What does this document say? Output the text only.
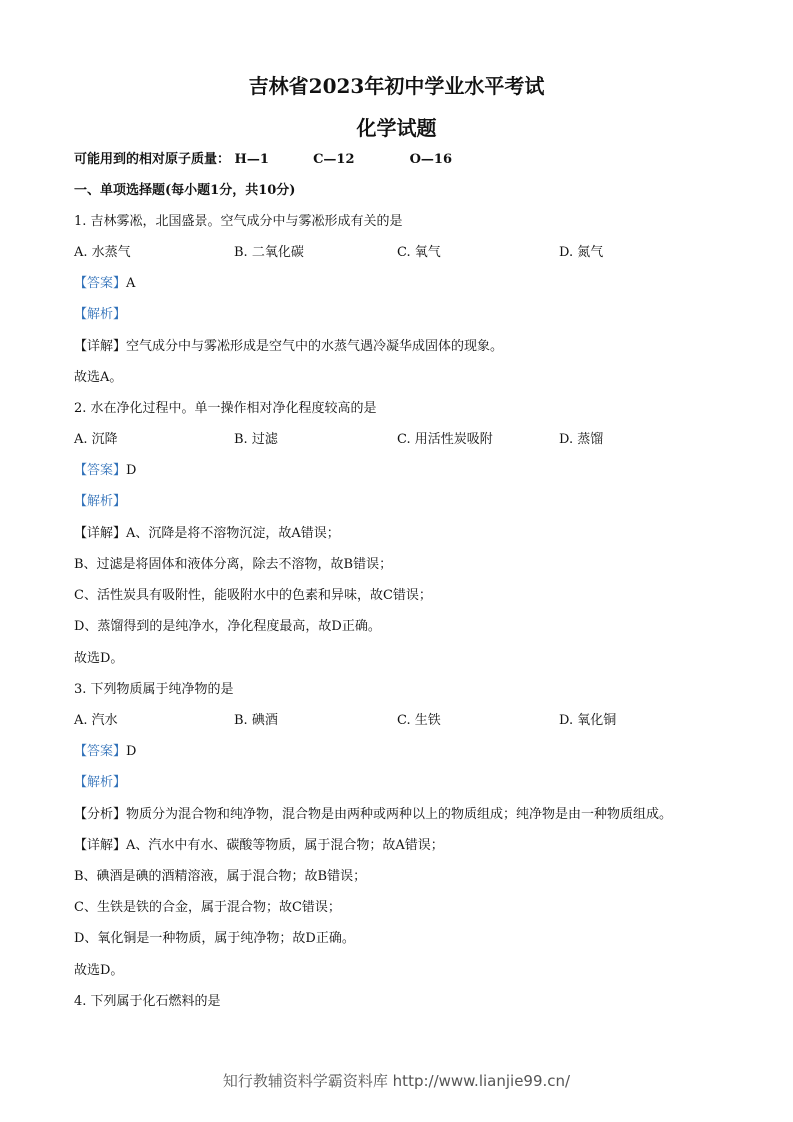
吉林省2023年初中学业水平考试
化学试题
可能用到的相对原子质量： H—1	C—12	O—16
一、单项选择题(每小题1分，共10分)
1. 吉林雾凇，北国盛景。空气成分中与雾凇形成有关的是
A. 水蒸气	B. 二氧化碳	C. 氧气	D. 氮气
【答案】A
【解析】
【详解】空气成分中与雾凇形成是空气中的水蒸气遇冷凝华成固体的现象。
故选A。
2. 水在净化过程中。单一操作相对净化程度较高的是
A. 沉降	B. 过滤	C. 用活性炭吸附	D. 蒸馏
【答案】D
【解析】
【详解】A、沉降是将不溶物沉淀，故A错误；
B、过滤是将固体和液体分离，除去不溶物，故B错误；
C、活性炭具有吸附性，能吸附水中的色素和异味，故C错误；
D、蒸馏得到的是纯净水，净化程度最高，故D正确。
故选D。
3. 下列物质属于纯净物的是
A. 汽水	B. 碘酒	C. 生铁	D. 氧化铜
【答案】D
【解析】
【分析】物质分为混合物和纯净物，混合物是由两种或两种以上的物质组成；纯净物是由一种物质组成。
【详解】A、汽水中有水、碳酸等物质，属于混合物；故A错误；
B、碘酒是碘的酒精溶液，属于混合物；故B错误；
C、生铁是铁的合金，属于混合物；故C错误；
D、氧化铜是一种物质，属于纯净物；故D正确。
故选D。
4. 下列属于化石燃料的是
知行教辅资料学霸资料库 http://www.lianjie99.cn/
